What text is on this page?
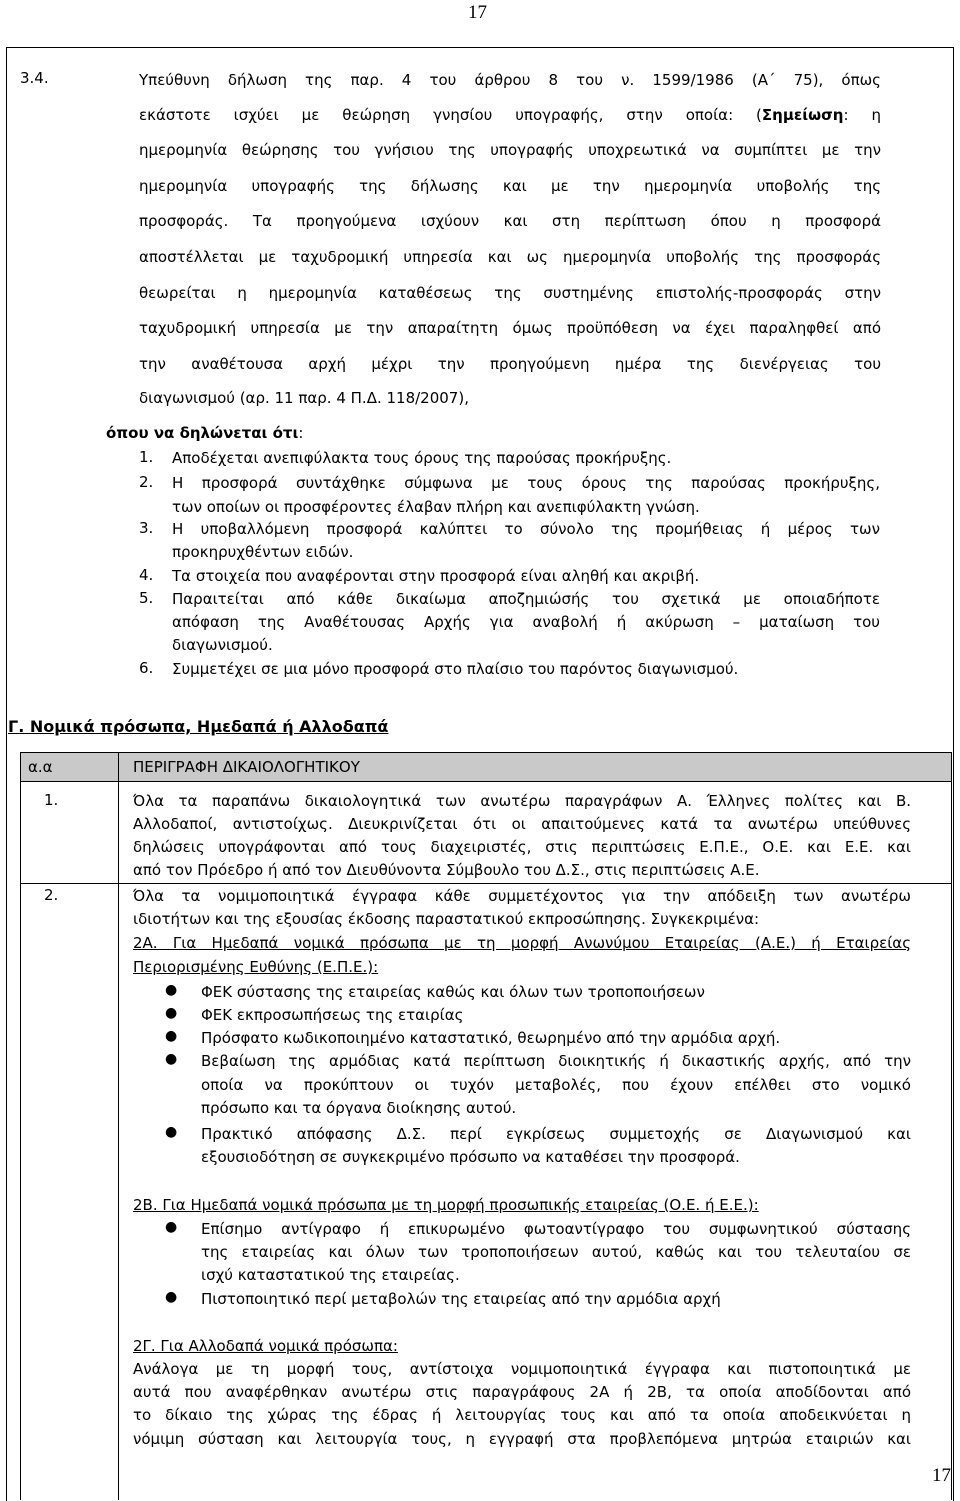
17
3.4.	Υπεύθυνη δήλωση της παρ. 4 του άρθρου 8 του ν. 1599/1986 (Α΄ 75), όπως
εκάστοτε ισχύει με θεώρηση γνησίου υπογραφής, στην οποία: (Σημείωση: η
ημερομηνία θεώρησης του γνήσιου της υπογραφής υποχρεωτικά να συμπίπτει με την
ημερομηνία υπογραφής της δήλωσης και με την ημερομηνία υποβολής της
προσφοράς. Τα προηγούμενα ισχύουν και στη περίπτωση όπου η προσφορά
αποστέλλεται με ταχυδρομική υπηρεσία και ως ημερομηνία υποβολής της προσφοράς
θεωρείται η ημερομηνία καταθέσεως της συστημένης επιστολής-προσφοράς στην
ταχυδρομική υπηρεσία με την απαραίτητη όμως προϋπόθεση να έχει παραληφθεί από
την αναθέτουσα αρχή μέχρι την προηγούμενη ημέρα της διενέργειας του
διαγωνισμού (αρ. 11 παρ. 4 Π.Δ. 118/2007),
όπου να δηλώνεται ότι:
1. Αποδέχεται ανεπιφύλακτα τους όρους της παρούσας προκήρυξης.
2. Η προσφορά συντάχθηκε σύμφωνα με τους όρους της παρούσας προκήρυξης,
των οποίων οι προσφέροντες έλαβαν πλήρη και ανεπιφύλακτη γνώση.
3. Η υποβαλλόμενη προσφορά καλύπτει το σύνολο της προμήθειας ή μέρος των
προκηρυχθέντων ειδών.
4. Τα στοιχεία που αναφέρονται στην προσφορά είναι αληθή και ακριβή.
5. Παραιτείται από κάθε δικαίωμα αποζημιώσής του σχετικά με οποιαδήποτε
απόφαση της Αναθέτουσας Αρχής για αναβολή ή ακύρωση – ματαίωση του
διαγωνισμού.
6. Συμμετέχει σε μια μόνο προσφορά στο πλαίσιο του παρόντος διαγωνισμού.
Γ. Νομικά πρόσωπα, Ημεδαπά ή Αλλοδαπά
α.α	ΠΕΡΙΓΡΑΦΗ ΔΙΚΑΙΟΛΟΓΗΤΙΚΟΥ
1.	Όλα τα παραπάνω δικαιολογητικά των ανωτέρω παραγράφων Α. Έλληνες πολίτες και Β.
Αλλοδαποί, αντιστοίχως. Διευκρινίζεται ότι οι απαιτούμενες κατά τα ανωτέρω υπεύθυνες
δηλώσεις υπογράφονται από τους διαχειριστές, στις περιπτώσεις Ε.Π.Ε., Ο.Ε. και Ε.Ε. και
από τον Πρόεδρο ή από τον Διευθύνοντα Σύμβουλο του Δ.Σ., στις περιπτώσεις Α.Ε.
2.	Όλα τα νομιμοποιητικά έγγραφα κάθε συμμετέχοντος για την απόδειξη των ανωτέρω
ιδιοτήτων και της εξουσίας έκδοσης παραστατικού εκπροσώπησης. Συγκεκριμένα:
2Α. Για Ημεδαπά νομικά πρόσωπα με τη μορφή Ανωνύμου Εταιρείας (Α.Ε.) ή Εταιρείας
Περιορισμένης Ευθύνης (Ε.Π.Ε.):
● ΦΕΚ σύστασης της εταιρείας καθώς και όλων των τροποποιήσεων
● ΦΕΚ εκπροσωπήσεως της εταιρίας
● Πρόσφατο κωδικοποιημένο καταστατικό, θεωρημένο από την αρμόδια αρχή.
● Βεβαίωση της αρμόδιας κατά περίπτωση διοικητικής ή δικαστικής αρχής, από την
οποία να προκύπτουν οι τυχόν μεταβολές, που έχουν επέλθει στο νομικό
πρόσωπο και τα όργανα διοίκησης αυτού.
● Πρακτικό απόφασης Δ.Σ. περί εγκρίσεως συμμετοχής σε Διαγωνισμού και
εξουσιοδότηση σε συγκεκριμένο πρόσωπο να καταθέσει την προσφορά.
2Β. Για Ημεδαπά νομικά πρόσωπα με τη μορφή προσωπικής εταιρείας (Ο.Ε. ή Ε.Ε.):
● Επίσημο αντίγραφο ή επικυρωμένο φωτοαντίγραφο του συμφωνητικού σύστασης
της εταιρείας και όλων των τροποποιήσεων αυτού, καθώς και του τελευταίου σε
ισχύ καταστατικού της εταιρείας.
● Πιστοποιητικό περί μεταβολών της εταιρείας από την αρμόδια αρχή
2Γ. Για Αλλοδαπά νομικά πρόσωπα:
Ανάλογα με τη μορφή τους, αντίστοιχα νομιμοποιητικά έγγραφα και πιστοποιητικά με
αυτά που αναφέρθηκαν ανωτέρω στις παραγράφους 2Α ή 2Β, τα οποία αποδίδονται από
το δίκαιο της χώρας της έδρας ή λειτουργίας τους και από τα οποία αποδεικνύεται η
νόμιμη σύσταση και λειτουργία τους, η εγγραφή στα προβλεπόμενα μητρώα εταιριών και
17
